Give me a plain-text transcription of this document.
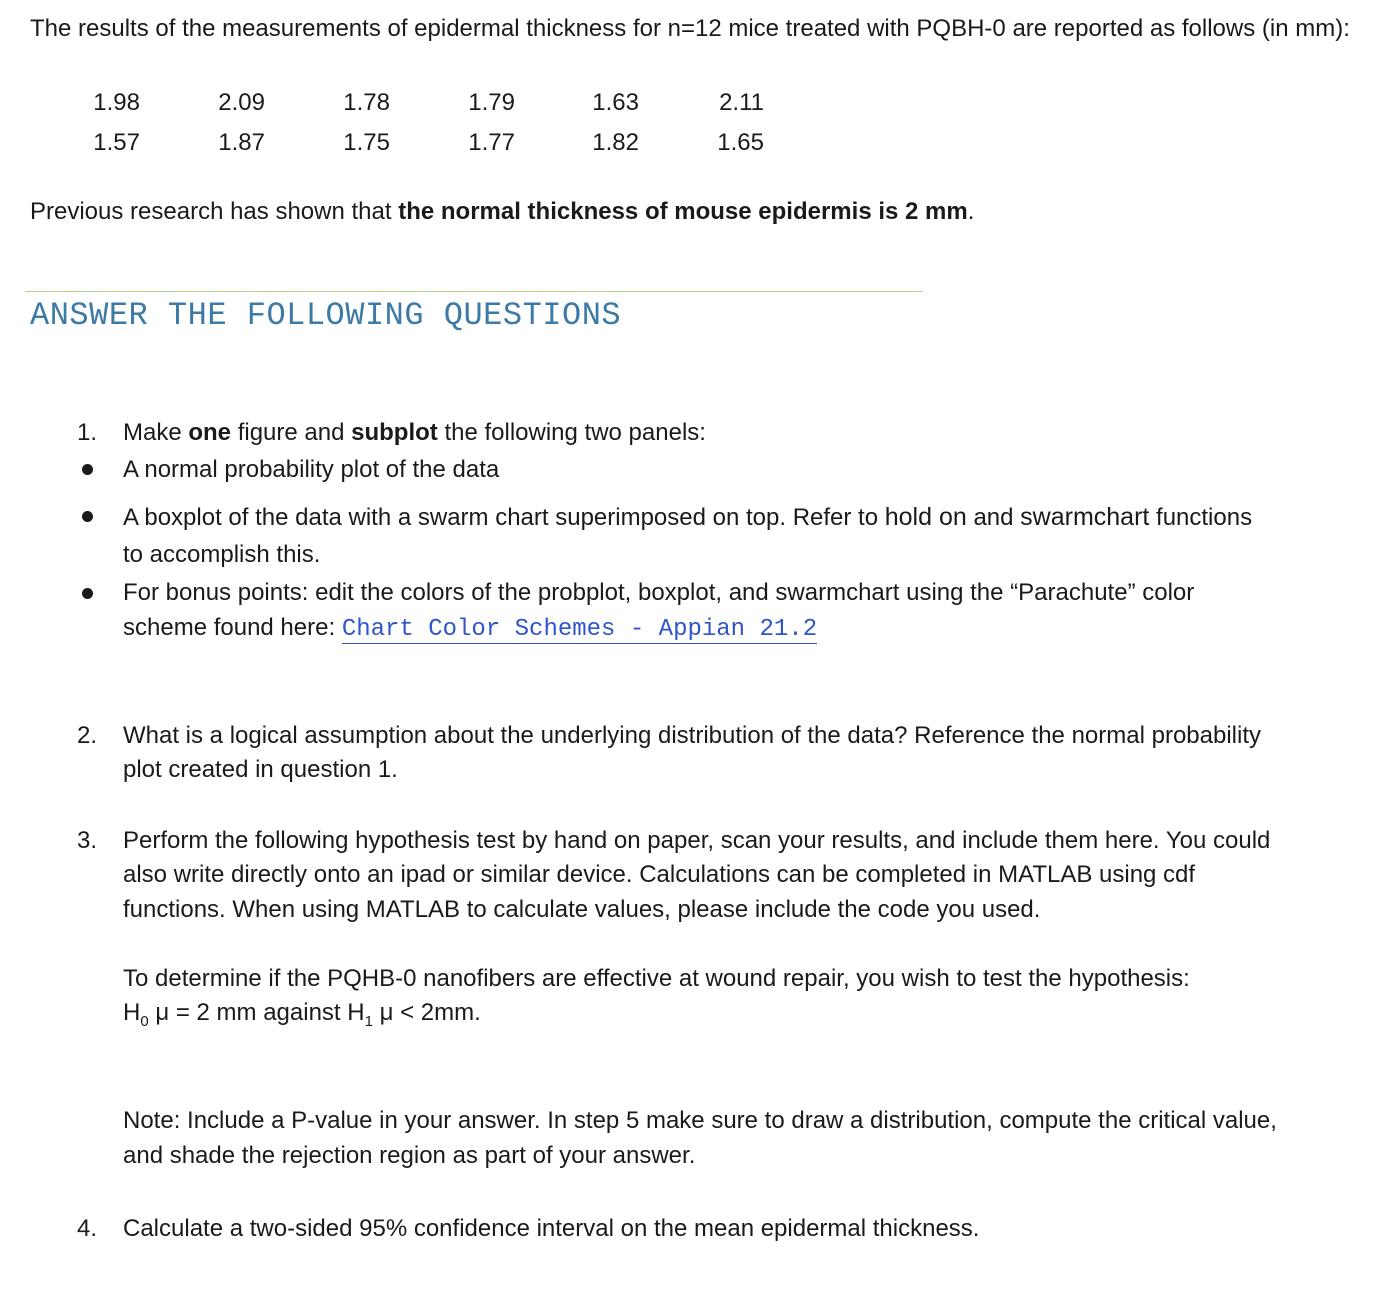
The results of the measurements of epidermal thickness for n=12 mice treated with PQBH-0 are reported as follows (in mm):
1.98	2.09	1.78	1.79	1.63	2.11
1.57	1.87	1.75	1.77	1.82	1.65
Previous research has shown that the normal thickness of mouse epidermis is 2 mm.
ANSWER THE FOLLOWING QUESTIONS
1.	Make one figure and subplot the following two panels:
A normal probability plot of the data
A boxplot of the data with a swarm chart superimposed on top. Refer to hold on and swarmchart functions
to accomplish this.
For bonus points: edit the colors of the probplot, boxplot, and swarmchart using the “Parachute” color
scheme found here: Chart Color Schemes - Appian 21.2
2.	What is a logical assumption about the underlying distribution of the data? Reference the normal probability
plot created in question 1.
3.	Perform the following hypothesis test by hand on paper, scan your results, and include them here. You could
also write directly onto an ipad or similar device. Calculations can be completed in MATLAB using cdf
functions. When using MATLAB to calculate values, please include the code you used.
To determine if the PQHB-0 nanofibers are effective at wound repair, you wish to test the hypothesis:
$H_0$ μ = 2 mm against $H_1$ μ < 2mm.
Note: Include a P-value in your answer. In step 5 make sure to draw a distribution, compute the critical value,
and shade the rejection region as part of your answer.
4.	Calculate a two-sided 95% confidence interval on the mean epidermal thickness.
